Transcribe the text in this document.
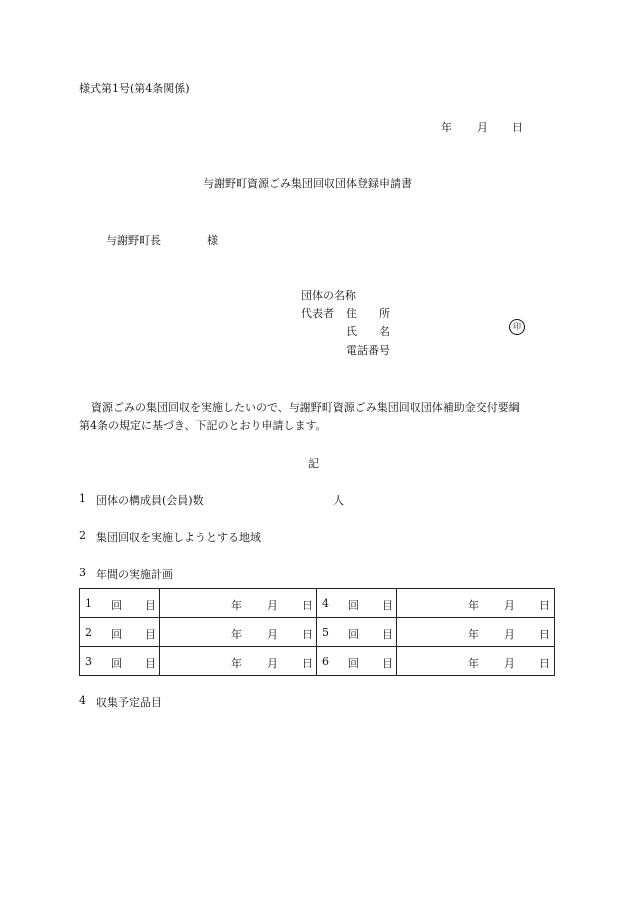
様式第1号(第4条関係)
年 月 日
与謝野町資源ごみ集団回収団体登録申請書
与謝野町長	様
団体の名称
代表者 住　　所
氏　　名	印
電話番号
資源ごみの集団回収を実施したいので、与謝野町資源ごみ集団回収団体補助金交付要綱
第4条の規定に基づき、下記のとおり申請します。
記
1 団体の構成員(会員)数	人
2 集団回収を実施しようとする地域
3 年間の実施計画
1 回 目	年 月 日	4 回 目	年 月 日

2 回 目	年 月 日	5 回 目	年 月 日

3 回 目	年 月 日	6 回 目	年 月 日
4 収集予定品目
